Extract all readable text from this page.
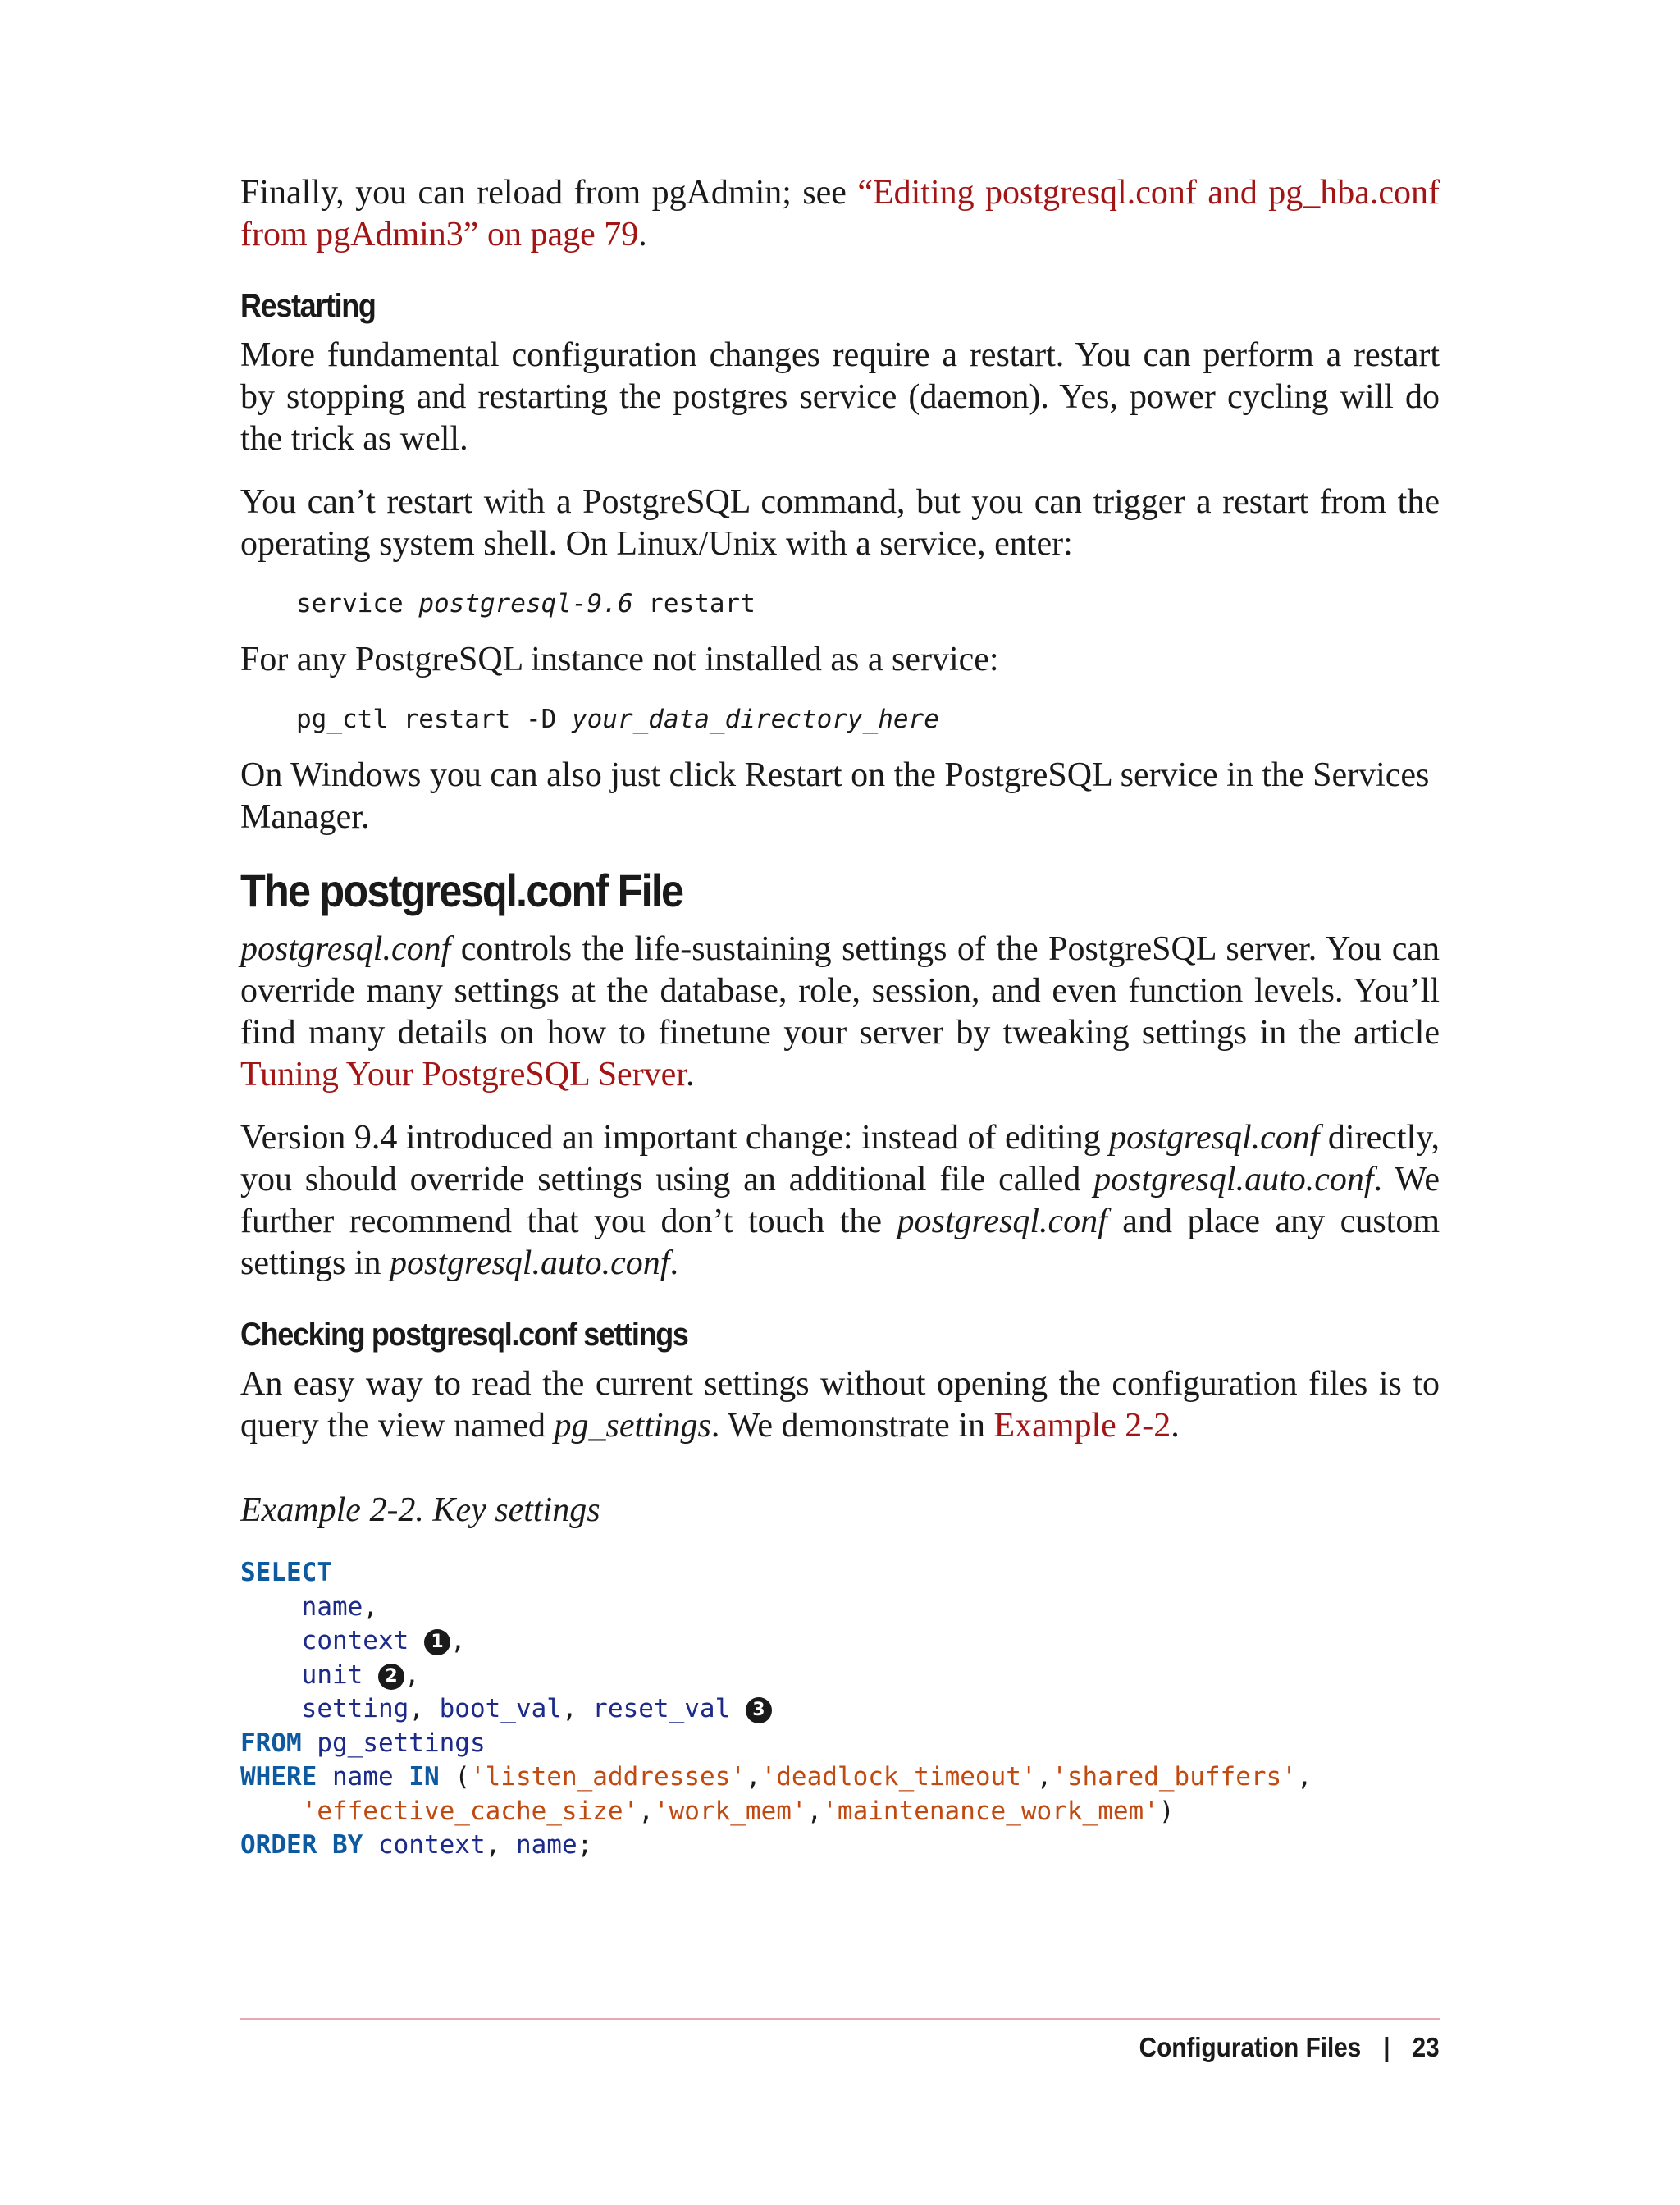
Finally, you can reload from pgAdmin; see “Editing postgresql.conf and pg_hba.conf from pgAdmin3” on page 79.

Restarting

More fundamental configuration changes require a restart. You can perform a restart by stopping and restarting the postgres service (daemon). Yes, power cycling will do the trick as well.

You can’t restart with a PostgreSQL command, but you can trigger a restart from the operating system shell. On Linux/Unix with a service, enter:

service postgresql-9.6 restart

For any PostgreSQL instance not installed as a service:

pg_ctl restart -D your_data_directory_here

On Windows you can also just click Restart on the PostgreSQL service in the Services Manager.

The postgresql.conf File

postgresql.conf controls the life-sustaining settings of the PostgreSQL server. You can override many settings at the database, role, session, and even function levels. You’ll find many details on how to finetune your server by tweaking settings in the article Tuning Your PostgreSQL Server.

Version 9.4 introduced an important change: instead of editing postgresql.conf directly, you should override settings using an additional file called postgresql.auto.conf. We further recommend that you don’t touch the postgresql.conf and place any custom settings in postgresql.auto.conf.

Checking postgresql.conf settings

An easy way to read the current settings without opening the configuration files is to query the view named pg_settings. We demonstrate in Example 2-2.

Example 2-2. Key settings

SELECT
name,
context 1 ,
unit 2 ,
setting, boot_val, reset_val 3
FROM pg_settings
WHERE name IN ('listen_addresses','deadlock_timeout','shared_buffers',
'effective_cache_size','work_mem','maintenance_work_mem')
ORDER BY context, name;
Configuration Files | 23
